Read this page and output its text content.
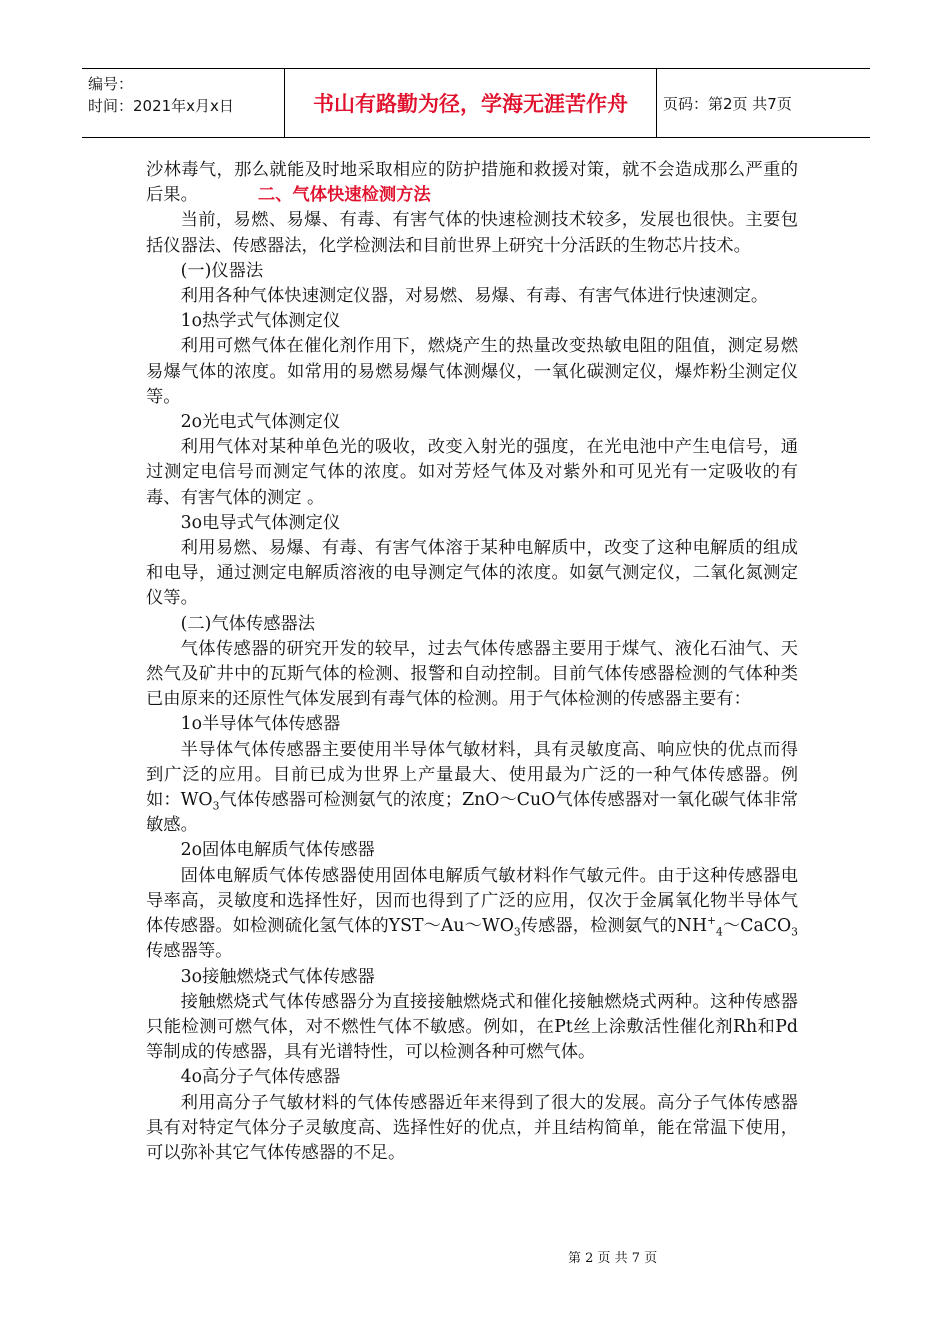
编号：
时间：2021年x月x日	书山有路勤为径，学海无涯苦作舟	页码：第2页 共7页

沙林毒气，那么就能及时地采取相应的防护措施和救援对策，就不会造成那么严重的后果。	二、气体快速检测方法

当前，易燃、易爆、有毒、有害气体的快速检测技术较多，发展也很快。主要包括仪器法、传感器法，化学检测法和目前世界上研究十分活跃的生物芯片技术。

(一)仪器法

利用各种气体快速测定仪器，对易燃、易爆、有毒、有害气体进行快速测定。

1o热学式气体测定仪

利用可燃气体在催化剂作用下，燃烧产生的热量改变热敏电阻的阻值，测定易燃易爆气体的浓度。如常用的易燃易爆气体测爆仪，一氧化碳测定仪，爆炸粉尘测定仪等。

2o光电式气体测定仪

利用气体对某种单色光的吸收，改变入射光的强度，在光电池中产生电信号，通过测定电信号而测定气体的浓度。如对芳烃气体及对紫外和可见光有一定吸收的有毒、有害气体的测定 。

3o电导式气体测定仪

利用易燃、易爆、有毒、有害气体溶于某种电解质中，改变了这种电解质的组成和电导，通过测定电解质溶液的电导测定气体的浓度。如氨气测定仪，二氧化氮测定仪等。

(二)气体传感器法

气体传感器的研究开发的较早，过去气体传感器主要用于煤气、液化石油气、天然气及矿井中的瓦斯气体的检测、报警和自动控制。目前气体传感器检测的气体种类已由原来的还原性气体发展到有毒气体的检测。用于气体检测的传感器主要有：

1o半导体气体传感器

半导体气体传感器主要使用半导体气敏材料，具有灵敏度高、响应快的优点而得到广泛的应用。目前已成为世界上产量最大、使用最为广泛的一种气体传感器。例如：$WO_3$气体传感器可检测氨气的浓度；ZnO～CuO气体传感器对一氧化碳气体非常敏感。

2o固体电解质气体传感器

固体电解质气体传感器使用固体电解质气敏材料作气敏元件。由于这种传感器电导率高，灵敏度和选择性好，因而也得到了广泛的应用，仅次于金属氧化物半导体气体传感器。如检测硫化氢气体的$YST\sim Au\sim WO_3$传感器，检测氨气的$NH^+_4\sim CaCO_3$传感器等。

3o接触燃烧式气体传感器

接触燃烧式气体传感器分为直接接触燃烧式和催化接触燃烧式两种。这种传感器只能检测可燃气体，对不燃性气体不敏感。例如，在Pt丝上涂敷活性催化剂Rh和Pd等制成的传感器，具有光谱特性，可以检测各种可燃气体。

4o高分子气体传感器

利用高分子气敏材料的气体传感器近年来得到了很大的发展。高分子气体传感器具有对特定气体分子灵敏度高、选择性好的优点，并且结构简单，能在常温下使用，可以弥补其它气体传感器的不足。

第 2 页 共 7 页
